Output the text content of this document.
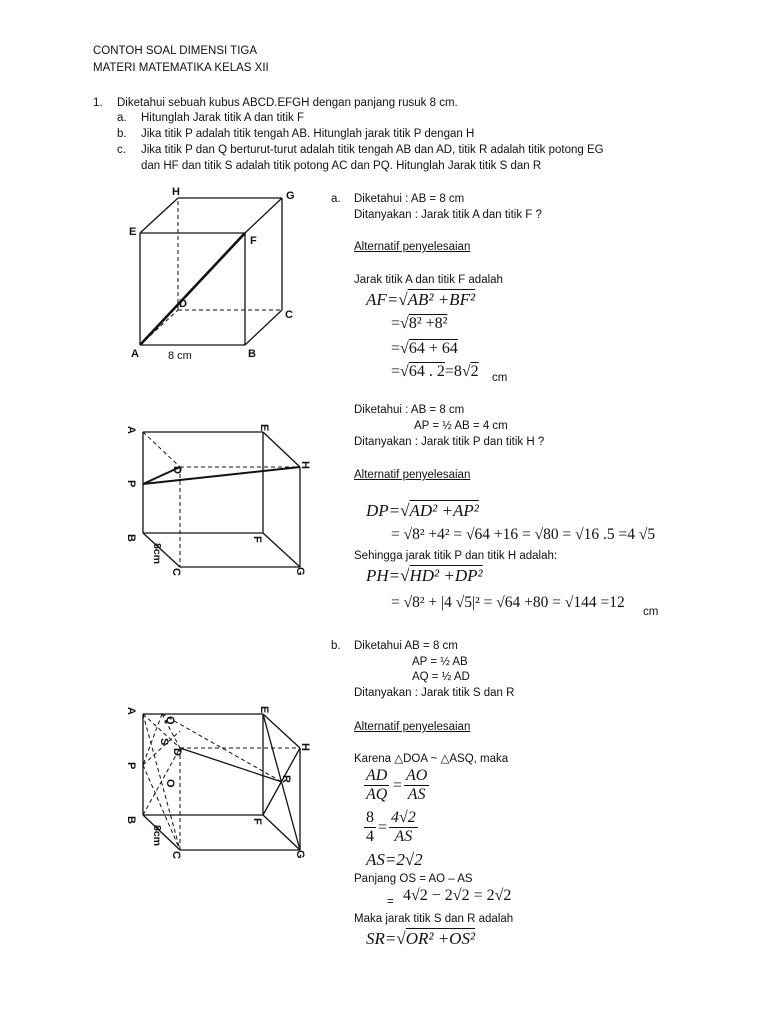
CONTOH SOAL DIMENSI TIGA
MATERI MATEMATIKA KELAS XII
1. Diketahui sebuah kubus ABCD.EFGH dengan panjang rusuk 8 cm.
a. Hitunglah Jarak titik A dan titik F
b. Jika titik P adalah titik tengah AB. Hitunglah jarak titik P dengan H
c. Jika titik P dan Q berturut-turut adalah titik tengah AB dan AD, titik R adalah titik potong EG
dan HF dan titik S adalah titik potong AC dan PQ. Hitunglah Jarak titik S dan R
H	G
E
F
D
C
A	B
8 cm
a. Diketahui : AB = 8 cm
Ditanyakan : Jarak titik A dan titik F ?
Alternatif penyelesaian
Jarak titik A dan titik F adalah
AF=√AB² +BF²
=√8² +8²
=√64 + 64
=√64 . 2=8√2 cm
A
P
B
D
E
H
F
C	G
8cm
Diketahui : AB = 8 cm
AP = ½ AB = 4 cm
Ditanyakan : Jarak titik P dan titik H ?
Alternatif penyelesaian
DP=√AD² +AP²
= √8² +4² = √64 +16 = √80 = √16 .5 =4 √5
Sehingga jarak titik P dan titik H adalah:
PH=√HD² +DP²
= √8² + |4 √5|² = √64 +80 = √144 =12
cm
A
P
B
Q
S
D
O
E
H
R
F
C	G
8cm
b. Diketahui AB = 8 cm
AP = ½ AB
AQ = ½ AD
Ditanyakan : Jarak titik S dan R
Alternatif penyelesaian
Karena △DOA ~ △ASQ, maka
$\frac{AD}{AQ} = \frac{AO}{AS}$
$\frac{8}{4} = \frac{4√2}{AS}$
AS=2√2
Panjang OS = AO – AS
= 4√2 − 2√2 = 2√2
Maka jarak titik S dan R adalah
SR=√OR² +OS²
